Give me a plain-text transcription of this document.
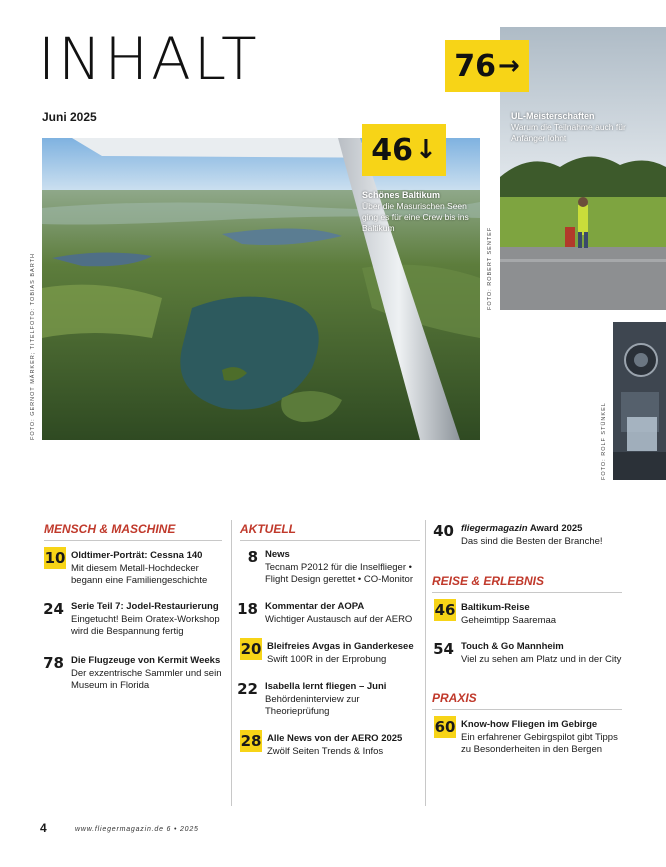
INHALT
Juni 2025
76 →
46 ↓
Schönes Baltikum
Über die Masurischen Seen ging es für eine Crew bis ins Baltikum
UL-Meisterschaften
Warum die Teilnahme auch für Anfänger lohnt
FOTO: GERNOT MÄRKER; TITELFOTO: TOBIAS BARTH	FOTO: ROBERT SENTEF
FOTO: ROLF STÜNKEL
MENSCH & MASCHINE
10 Oldtimer-Porträt: Cessna 140
Mit diesem Metall-Hochdecker begann eine Familiengeschichte
24 Serie Teil 7: Jodel-Restaurierung
Eingetucht! Beim Oratex-Workshop wird die Bespannung fertig
78 Die Flugzeuge von Kermit Weeks
Der exzentrische Sammler und sein Museum in Florida
AKTUELL
8 News
Tecnam P2012 für die Inselflieger • Flight Design gerettet • CO-Monitor
18 Kommentar der AOPA
Wichtiger Austausch auf der AERO
20 Bleifreies Avgas in Ganderkesee
Swift 100R in der Erprobung
22 Isabella lernt fliegen – Juni
Behördeninterview zur Theorieprüfung
28 Alle News von der AERO 2025
Zwölf Seiten Trends & Infos
40 fliegermagazin Award 2025
Das sind die Besten der Branche!
REISE & ERLEBNIS
46 Baltikum-Reise
Geheimtipp Saaremaa
54 Touch & Go Mannheim
Viel zu sehen am Platz und in der City
PRAXIS
60 Know-how Fliegen im Gebirge
Ein erfahrener Gebirgspilot gibt Tipps zu Besonderheiten in den Bergen
4	www.fliegermagazin.de 6 • 2025
